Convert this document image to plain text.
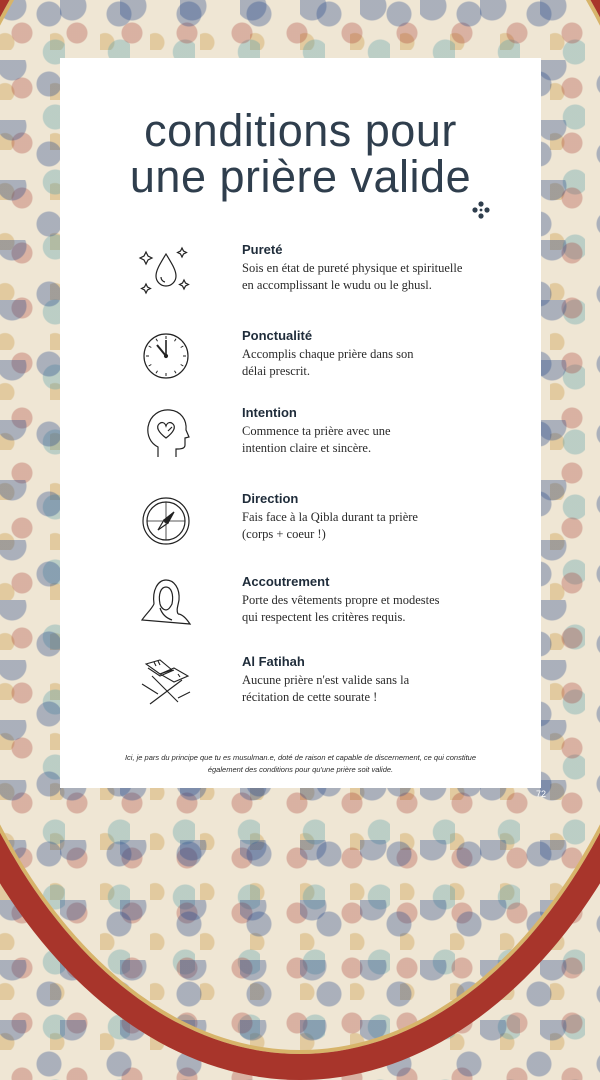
conditions pour
une prière valide

Pureté

Sois en état de pureté physique et spirituelle
en accomplissant le wudu ou le ghusl.

Ponctualité

Accomplis chaque prière dans son
délai prescrit.

Intention

Commence ta prière avec une
intention claire et sincère.

Direction

Fais face à la Qibla durant ta prière
(corps + coeur !)

Accoutrement

Porte des vêtements propre et modestes
qui respectent les critères requis.

Al Fatihah

Aucune prière n'est valide sans la
récitation de cette sourate !

Ici, je pars du principe que tu es musulman.e, doté de raison et capable de discernement, ce qui constitue
également des conditions pour qu'une prière soit valide.

72
